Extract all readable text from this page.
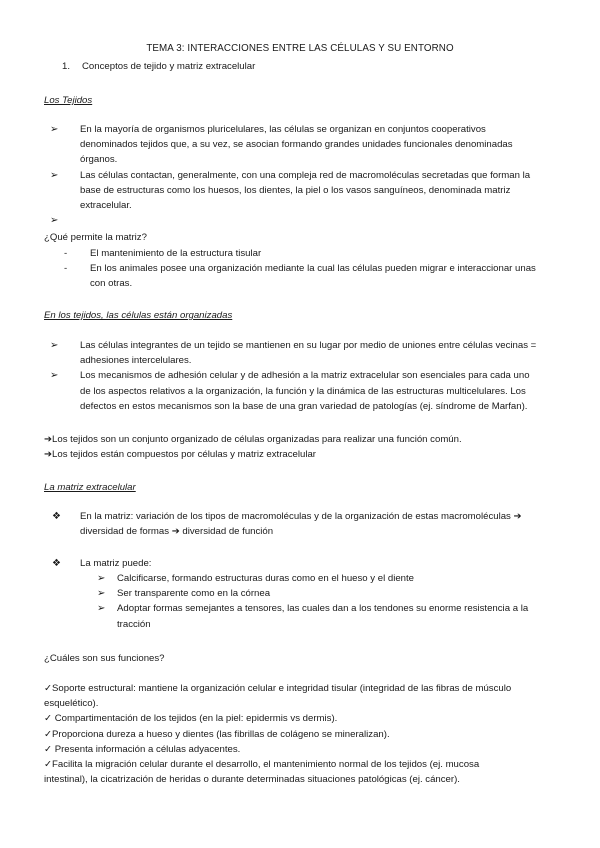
TEMA 3: INTERACCIONES ENTRE LAS CÉLULAS Y SU ENTORNO
1. Conceptos de tejido y matriz extracelular
Los Tejidos
➢ En la mayoría de organismos pluricelulares, las células se organizan en conjuntos cooperativos
denominados tejidos que, a su vez, se asocian formando grandes unidades funcionales denominadas
órganos.
➢ Las células contactan, generalmente, con una compleja red de macromoléculas secretadas que forman la
base de estructuras como los huesos, los dientes, la piel o los vasos sanguíneos, denominada matriz
extracelular.
➢
¿Qué permite la matriz?
- El mantenimiento de la estructura tisular
- En los animales posee una organización mediante la cual las células pueden migrar e interaccionar unas
con otras.
En los tejidos, las células están organizadas
➢ Las células integrantes de un tejido se mantienen en su lugar por medio de uniones entre células vecinas =
adhesiones intercelulares.
➢ Los mecanismos de adhesión celular y de adhesión a la matriz extracelular son esenciales para cada uno
de los aspectos relativos a la organización, la función y la dinámica de las estructuras multicelulares. Los
defectos en estos mecanismos son la base de una gran variedad de patologías (ej. síndrome de Marfan).
➔Los tejidos son un conjunto organizado de células organizadas para realizar una función común.
➔Los tejidos están compuestos por células y matriz extracelular
La matriz extracelular
❖ En la matriz: variación de los tipos de macromoléculas y de la organización de estas macromoléculas ➔
diversidad de formas ➔ diversidad de función
❖ La matriz puede:
➢ Calcificarse, formando estructuras duras como en el hueso y el diente
➢ Ser transparente como en la córnea
➢ Adoptar formas semejantes a tensores, las cuales dan a los tendones su enorme resistencia a la
tracción
¿Cuáles son sus funciones?
✓Soporte estructural: mantiene la organización celular e integridad tisular (integridad de las fibras de músculo
esquelético).
✓ Compartimentación de los tejidos (en la piel: epidermis vs dermis).
✓Proporciona dureza a hueso y dientes (las fibrillas de colágeno se mineralizan).
✓ Presenta información a células adyacentes.
✓Facilita la migración celular durante el desarrollo, el mantenimiento normal de los tejidos (ej. mucosa
intestinal), la cicatrización de heridas o durante determinadas situaciones patológicas (ej. cáncer).
